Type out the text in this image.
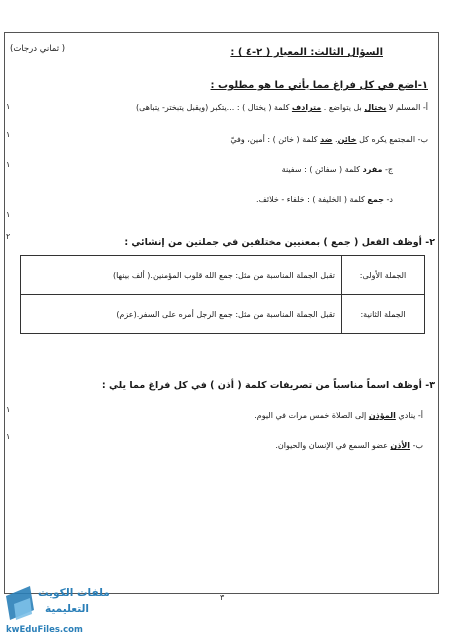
( ثماني درجات)	السؤال الثالث: المعيار ( ٢-٤ ) :
١-اضع في كل فراغ مما يأتي ما هو مطلوب :
أ- المسلم لا يختال بل يتواضع . مترادف كلمة ( يختال ) : ...يتكبر (ويقبل يتبختر- يتباهى)
١
ب- المجتمع يكره كل خائن. ضد كلمة ( خائن ) : أمين، وفيّ
١
ج- مفرد كلمة ( سفائن ) : سفينة
١
د- جمع كلمة ( الخليفة ) : خلفاء - خلائف.
١
٢- أوظف الفعل ( جمع ) بمعنيين مختلفين في جملتين من إنشائي :
٢
الجملة الأولى:	تقبل الجملة المناسبة من مثل: جمع الله قلوب المؤمنين.( ألف بينها)
الجملة الثانية:	تقبل الجملة المناسبة من مثل: جمع الرجل أمره على السفر.(عزم)
٣- أوظف اسماً مناسباً من تصريفات كلمة ( أذن ) في كل فراغ مما يلي :
أ- ينادي المؤذن إلى الصلاة خمس مرات في اليوم.
١
ب- الأذن عضو السمع في الإنسان والحيوان.
١
٣
ملفات الكويت
التعليمية
kwEduFiles.com
